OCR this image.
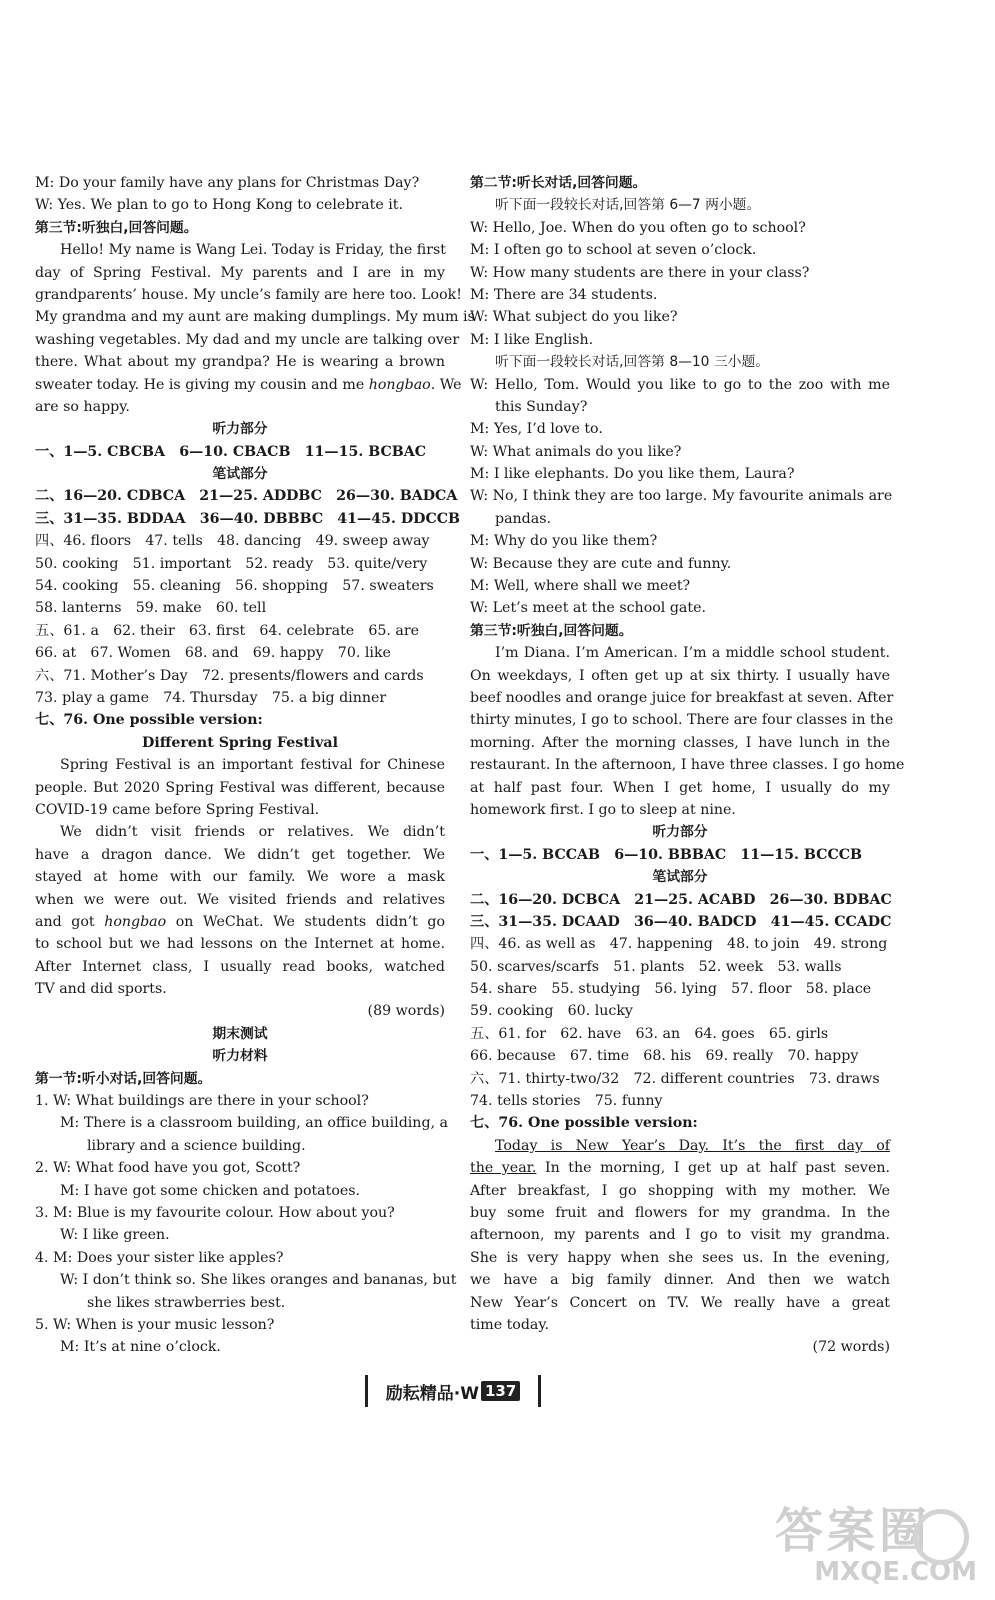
M: Do your family have any plans for Christmas Day?
W: Yes. We plan to go to Hong Kong to celebrate it.
第三节:听独白,回答问题。
Hello! My name is Wang Lei. Today is Friday, the first
day of Spring Festival. My parents and I are in my
grandparents’ house. My uncle’s family are here too. Look!
My grandma and my aunt are making dumplings. My mum is
washing vegetables. My dad and my uncle are talking over
there. What about my grandpa? He is wearing a brown
sweater today. He is giving my cousin and me hongbao. We
are so happy.
听力部分
一、1—5. CBCBA　6—10. CBACB　11—15. BCBAC
笔试部分
二、16—20. CDBCA　21—25. ADDBC　26—30. BADCA
三、31—35. BDDAA　36—40. DBBBC　41—45. DDCCB
四、46. floors　47. tells　48. dancing　49. sweep away
50. cooking　51. important　52. ready　53. quite/very
54. cooking　55. cleaning　56. shopping　57. sweaters
58. lanterns　59. make　60. tell
五、61. a　62. their　63. first　64. celebrate　65. are
66. at　67. Women　68. and　69. happy　70. like
六、71. Mother’s Day　72. presents/flowers and cards
73. play a game　74. Thursday　75. a big dinner
七、76. One possible version:
Different Spring Festival
Spring Festival is an important festival for Chinese
people. But 2020 Spring Festival was different, because
COVID-19 came before Spring Festival.
We didn’t visit friends or relatives. We didn’t
have a dragon dance. We didn’t get together. We
stayed at home with our family. We wore a mask
when we were out. We visited friends and relatives
and got hongbao on WeChat. We students didn’t go
to school but we had lessons on the Internet at home.
After Internet class, I usually read books, watched
TV and did sports.
(89 words)
期末测试
听力材料
第一节:听小对话,回答问题。
1. W: What buildings are there in your school?
M: There is a classroom building, an office building, a
library and a science building.
2. W: What food have you got, Scott?
M: I have got some chicken and potatoes.
3. M: Blue is my favourite colour. How about you?
W: I like green.
4. M: Does your sister like apples?
W: I don’t think so. She likes oranges and bananas, but
she likes strawberries best.
5. W: When is your music lesson?
M: It’s at nine o’clock.
第二节:听长对话,回答问题。
听下面一段较长对话,回答第 6—7 两小题。
W: Hello, Joe. When do you often go to school?
M: I often go to school at seven o’clock.
W: How many students are there in your class?
M: There are 34 students.
W: What subject do you like?
M: I like English.
听下面一段较长对话,回答第 8—10 三小题。
W: Hello, Tom. Would you like to go to the zoo with me
this Sunday?
M: Yes, I’d love to.
W: What animals do you like?
M: I like elephants. Do you like them, Laura?
W: No, I think they are too large. My favourite animals are
pandas.
M: Why do you like them?
W: Because they are cute and funny.
M: Well, where shall we meet?
W: Let’s meet at the school gate.
第三节:听独白,回答问题。
I’m Diana. I’m American. I’m a middle school student.
On weekdays, I often get up at six thirty. I usually have
beef noodles and orange juice for breakfast at seven. After
thirty minutes, I go to school. There are four classes in the
morning. After the morning classes, I have lunch in the
restaurant. In the afternoon, I have three classes. I go home
at half past four. When I get home, I usually do my
homework first. I go to sleep at nine.
听力部分
一、1—5. BCCAB　6—10. BBBAC　11—15. BCCCB
笔试部分
二、16—20. DCBCA　21—25. ACABD　26—30. BDBAC
三、31—35. DCAAD　36—40. BADCD　41—45. CCADC
四、46. as well as　47. happening　48. to join　49. strong
50. scarves/scarfs　51. plants　52. week　53. walls
54. share　55. studying　56. lying　57. floor　58. place
59. cooking　60. lucky
五、61. for　62. have　63. an　64. goes　65. girls
66. because　67. time　68. his　69. really　70. happy
六、71. thirty-two/32　72. different countries　73. draws
74. tells stories　75. funny
七、76. One possible version:
Today is New Year’s Day. It’s the first day of
the year. In the morning, I get up at half past seven.
After breakfast, I go shopping with my mother. We
buy some fruit and flowers for my grandma. In the
afternoon, my parents and I go to visit my grandma.
She is very happy when she sees us. In the evening,
we have a big family dinner. And then we watch
New Year’s Concert on TV. We really have a great
time today.
(72 words)
励耘精品·W 137
答案圈
MXQE.COM
